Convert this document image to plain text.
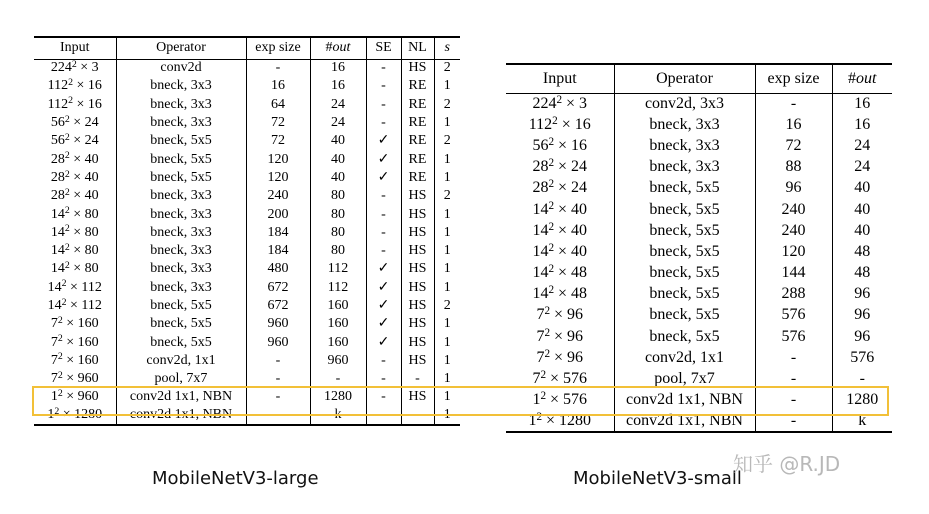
Input	Operator	exp size	#out	SE	NL	s
$224^2 \times 3$	conv2d	-	16	-	HS	2
$112^2 \times 16$	bneck, 3x3	16	16	-	RE	1
$112^2 \times 16$	bneck, 3x3	64	24	-	RE	2
$56^2 \times 24$	bneck, 3x3	72	24	-	RE	1
$56^2 \times 24$	bneck, 5x5	72	40	✓	RE	2
$28^2 \times 40$	bneck, 5x5	120	40	✓	RE	1
$28^2 \times 40$	bneck, 5x5	120	40	✓	RE	1
$28^2 \times 40$	bneck, 3x3	240	80	-	HS	2
$14^2 \times 80$	bneck, 3x3	200	80	-	HS	1
$14^2 \times 80$	bneck, 3x3	184	80	-	HS	1
$14^2 \times 80$	bneck, 3x3	184	80	-	HS	1
$14^2 \times 80$	bneck, 3x3	480	112	✓	HS	1
$14^2 \times 112$	bneck, 3x3	672	112	✓	HS	1
$14^2 \times 112$	bneck, 5x5	672	160	✓	HS	2
$7^2 \times 160$	bneck, 5x5	960	160	✓	HS	1
$7^2 \times 160$	bneck, 5x5	960	160	✓	HS	1
$7^2 \times 160$	conv2d, 1x1	-	960	-	HS	1
$7^2 \times 960$	pool, 7x7	-	-	-	-	1
$1^2 \times 960$	conv2d 1x1, NBN	-	1280	-	HS	1
$1^2 \times 1280$	conv2d 1x1, NBN	-	k	-	-	1
Input	Operator	exp size	#out
$224^2 \times 3$	conv2d, 3x3	-	16
$112^2 \times 16$	bneck, 3x3	16	16
$56^2 \times 16$	bneck, 3x3	72	24
$28^2 \times 24$	bneck, 3x3	88	24
$28^2 \times 24$	bneck, 5x5	96	40
$14^2 \times 40$	bneck, 5x5	240	40
$14^2 \times 40$	bneck, 5x5	240	40
$14^2 \times 40$	bneck, 5x5	120	48
$14^2 \times 48$	bneck, 5x5	144	48
$14^2 \times 48$	bneck, 5x5	288	96
$7^2 \times 96$	bneck, 5x5	576	96
$7^2 \times 96$	bneck, 5x5	576	96
$7^2 \times 96$	conv2d, 1x1	-	576
$7^2 \times 576$	pool, 7x7	-	-
$1^2 \times 576$	conv2d 1x1, NBN	-	1280
$1^2 \times 1280$	conv2d 1x1, NBN	-	k
MobileNetV3-large	MobileNetV3-small
知乎 @R.JD
